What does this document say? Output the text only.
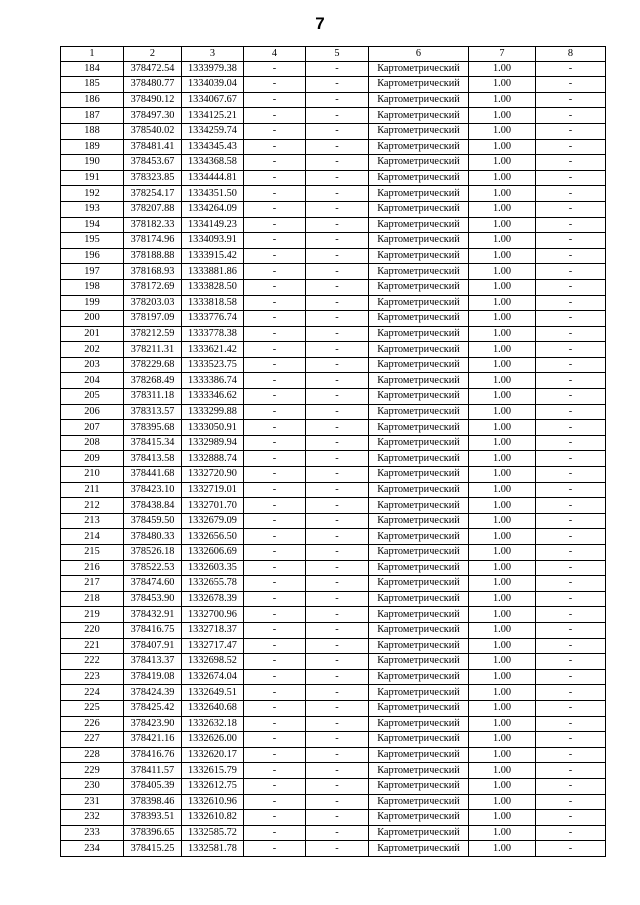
7
1	2	3	4	5	6	7	8
184	378472.54	1333979.38	-	-	Картометрический	1.00	-
185	378480.77	1334039.04	-	-	Картометрический	1.00	-
186	378490.12	1334067.67	-	-	Картометрический	1.00	-
187	378497.30	1334125.21	-	-	Картометрический	1.00	-
188	378540.02	1334259.74	-	-	Картометрический	1.00	-
189	378481.41	1334345.43	-	-	Картометрический	1.00	-
190	378453.67	1334368.58	-	-	Картометрический	1.00	-
191	378323.85	1334444.81	-	-	Картометрический	1.00	-
192	378254.17	1334351.50	-	-	Картометрический	1.00	-
193	378207.88	1334264.09	-	-	Картометрический	1.00	-
194	378182.33	1334149.23	-	-	Картометрический	1.00	-
195	378174.96	1334093.91	-	-	Картометрический	1.00	-
196	378188.88	1333915.42	-	-	Картометрический	1.00	-
197	378168.93	1333881.86	-	-	Картометрический	1.00	-
198	378172.69	1333828.50	-	-	Картометрический	1.00	-
199	378203.03	1333818.58	-	-	Картометрический	1.00	-
200	378197.09	1333776.74	-	-	Картометрический	1.00	-
201	378212.59	1333778.38	-	-	Картометрический	1.00	-
202	378211.31	1333621.42	-	-	Картометрический	1.00	-
203	378229.68	1333523.75	-	-	Картометрический	1.00	-
204	378268.49	1333386.74	-	-	Картометрический	1.00	-
205	378311.18	1333346.62	-	-	Картометрический	1.00	-
206	378313.57	1333299.88	-	-	Картометрический	1.00	-
207	378395.68	1333050.91	-	-	Картометрический	1.00	-
208	378415.34	1332989.94	-	-	Картометрический	1.00	-
209	378413.58	1332888.74	-	-	Картометрический	1.00	-
210	378441.68	1332720.90	-	-	Картометрический	1.00	-
211	378423.10	1332719.01	-	-	Картометрический	1.00	-
212	378438.84	1332701.70	-	-	Картометрический	1.00	-
213	378459.50	1332679.09	-	-	Картометрический	1.00	-
214	378480.33	1332656.50	-	-	Картометрический	1.00	-
215	378526.18	1332606.69	-	-	Картометрический	1.00	-
216	378522.53	1332603.35	-	-	Картометрический	1.00	-
217	378474.60	1332655.78	-	-	Картометрический	1.00	-
218	378453.90	1332678.39	-	-	Картометрический	1.00	-
219	378432.91	1332700.96	-	-	Картометрический	1.00	-
220	378416.75	1332718.37	-	-	Картометрический	1.00	-
221	378407.91	1332717.47	-	-	Картометрический	1.00	-
222	378413.37	1332698.52	-	-	Картометрический	1.00	-
223	378419.08	1332674.04	-	-	Картометрический	1.00	-
224	378424.39	1332649.51	-	-	Картометрический	1.00	-
225	378425.42	1332640.68	-	-	Картометрический	1.00	-
226	378423.90	1332632.18	-	-	Картометрический	1.00	-
227	378421.16	1332626.00	-	-	Картометрический	1.00	-
228	378416.76	1332620.17	-	-	Картометрический	1.00	-
229	378411.57	1332615.79	-	-	Картометрический	1.00	-
230	378405.39	1332612.75	-	-	Картометрический	1.00	-
231	378398.46	1332610.96	-	-	Картометрический	1.00	-
232	378393.51	1332610.82	-	-	Картометрический	1.00	-
233	378396.65	1332585.72	-	-	Картометрический	1.00	-
234	378415.25	1332581.78	-	-	Картометрический	1.00	-
